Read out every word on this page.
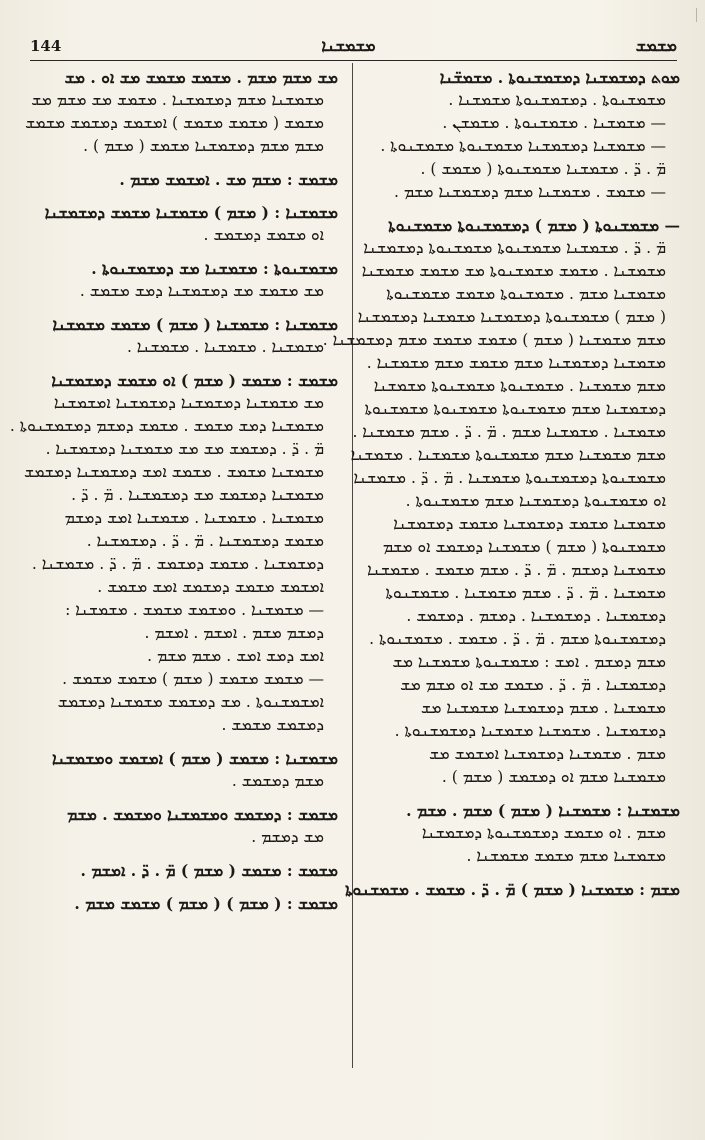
144	ܡܫܡܫܢܐ	ܡܫܡܫ
ܡܘܬ ܕܡܫܡܫܢܐ ܕܡܫܡܫܢܘܬܐ . ܡܫܡܫ̈ܢܐ
ܡܫܡܫܢܘܬܐ . ܕܡܫܡܫܢܘܬܐ ܡܫܡܫܢܐ .
— ܡܫܡܫܢܐ . ܡܫܡܫܢܘܬܐ . ܡܫܡܫܢ .
— ܡܫܡܫܢܐ ܕܡܫܡܫܢܐ ܡܫܡܫܢܘܬܐ ܡܫܡܫܢܘܬܐ .
ܡ̈ . ܕ̈ . ܡܫܡܫܢܐ ܡܫܡܫܢܘܬܐ ( ܡܫܡܫ ) .
— ܡܫܡܫ . ܡܫܡܫܢܐ ܡܫܡ ܕܡܫܡܫܢܐ ܡܫܡ .
— ܡܫܡܫܢܘܬܐ ( ܡܫܡ ) ܕܡܫܡܫܢܘܬܐ ܡܫܡܫܢܘܬܐ
ܡ̈ . ܕ̈ . ܡܫܡܫܢܐ ܡܫܡܫܢܘܬܐ ܡܫܡܫܢܘܬܐ ܕܡܫܡܫܢܐ
ܡܫܡܫܢܐ . ܡܫܡܫ ܡܫܡܫܢܘܬܐ ܡܫ ܡܫܡܫ ܡܫܡܫܢܐ
ܡܫܡܫܢܐ ܡܫܡ . ܡܫܡܫܢܘܬܐ ܡܫܡܫ ܡܫܡܫܢܘܬܐ
( ܡܫܡ ) ܡܫܡܫܢܘܬܐ ܕܡܫܡܫܢܐ ܡܫܡܫܢܐ ܕܡܫܡܫܢܐ
ܡܫܡ ܡܫܡܫܢܐ ( ܡܫܡ ) ܡܫܡܫ ܡܫܡܫ ܡܫܡ ܕܡܫܡܫܢܐ .
ܡܫܡܫܢܐ ܕܡܫܡܫܢܐ ܡܫܡ ܡܫܡܫ ܡܫܡ ܡܫܡܫܢܐ .
ܡܫܡ ܡܫܡܫܢܐ . ܡܫܡܫܢܘܬܐ ܡܫܡܫܢܘܬܐ ܡܫܡܫܢܐ
ܕܡܫܡܫܢܐ ܡܫܡ ܡܫܡܫܢܘܬܐ ܡܫܡܫܢܘܬܐ ܡܫܡܫܢܘܬܐ
ܡܫܡܫܢܐ . ܡܫܡܫܢܐ ܡܫܡ . ܡ̈ . ܕ̈ . ܡܫܡ ܡܫܡܫܢܐ .
ܡܫܡ ܡܫܡܫܢܐ ܡܫܡ ܡܫܡܫܢܘܬܐ ܡܫܡܫܢܐ . ܡܫܡܫܢܐ
ܡܫܡܫܢܘܬܐ ܕܡܫܡܫܢܘܬܐ ܡܫܡܫܢܐ . ܡ̈ . ܕ̈ . ܡܫܡܫܢܐ
ܐܘ ܡܫܡܫܢܘܬܐ ܕܡܫܡܫܢܐ ܡܫܡ ܡܫܡܫܢܘܬܐ .
ܡܫܡܫܢܐ ܡܫܡܫ ܕܡܫܡܫܢܐ ܡܫܡܫ ܕܡܫܡܫܢܐ
ܡܫܡܫܢܘܬܐ ( ܡܫܡ ) ܡܫܡܫܢܐ ܕܡܫܡܫ ܐܘ ܡܫܡ
ܡܫܡܫܢܐ ܕܡܫܡ . ܡ̈ . ܕ̈ . ܡܫܡ ܡܫܡܫ . ܡܫܡܫܢܐ
ܡܫܡܫܢܐ . ܡ̈ . ܕ̈ . ܡܫܡ ܡܫܡܫܢܐ . ܡܫܡܫܢܘܬܐ
ܕܡܫܡܫܢܐ . ܕܡܫܡܫܢܐ . ܕܡܫܡ . ܕܡܫܡܫ .
ܕܡܫܡܫܢܘܬܐ ܡܫܡ . ܡ̈ . ܕ̈ . ܡܫܡܫ . ܡܫܡܫܢܘܬܐ .
ܡܫܡ ܕܡܫܡ . ܐܡܫ : ܡܫܡܫܢܘܬܐ ܡܫܡܫܢܐ ܡܫ
ܕܡܫܡܫܢܐ . ܡ̈ . ܕ̈ . ܡܫܡܫ ܡܫ ܐܘ ܡܫܡ ܡܫ
ܡܫܡܫܢܐ . ܡܫܡ ܕܡܫܡܫܢܐ ܡܫܡܫܢܐ ܡܫ
ܕܡܫܡܫܢܐ . ܡܫܡܫܢܐ ܡܫܡܫܢܐ ܕܡܫܡܫܢܘܬܐ .
ܡܫܡ . ܡܫܡܫܢܐ ܕܡܫܡܫܢܐ ܐܡܫܡܫ ܡܫ
ܡܫܡܫܢܐ ܡܫܡ ܐܘ ܕܡܫܡܫ ( ܡܫܡ ) .
ܡܫܡܫܢܐ : ܡܫܡܫܢܐ ( ܡܫܡ ) ܡܫܡ . ܡܫܡ .
ܡܫܡ . ܐܘ ܡܫܡܫ ܕܡܫܡܫܢܘܬܐ ܕܡܫܡܫܢܐ
ܡܫܡܫܢܐ ܡܫܡ ܡܫܡܫ ܡܫܡܫܢܐ .
ܡܫܡ : ܡܫܡܫܢܐ ( ܡܫܡ ) ܡ̈ . ܕ̈ . ܡܫܡܫ . ܡܫܡܫܢܘܬܐ
ܡܫ ܡܫܡ ܡܫܡ . ܡܫܡܫ ܡܫܡܫ ܡܫ ܐܘ . ܡܫ
ܡܫܡܫܢܐ ܡܫܡ ܕܡܫܡܫܢܐ . ܡܫܡܫ ܡܫ ܡܫܡ ܡܫ
ܡܫܡܫ ( ܡܫܡܫ ܡܫܡܫ ) ܐܡܫܡܫ ܕܡܫܡܫ ܡܫܡܫ
ܡܫܡ ܡܫܡ ܕܡܫܡܫܢܐ ܡܫܡܫ ( ܡܫܡ ) .
ܡܫܡܫ : ܡܫܡ ܡܫ . ܐܡܫܡܫ ܡܫܡ .
ܡܫܡܫܢܐ : ( ܡܫܡ ) ܡܫܡܫܢܐ ܡܫܡܫ ܕܡܫܡܫܢܐ
ܐܘ ܡܫܡܫ ܕܡܫܡܫ .
ܡܫܡܫܢܘܬܐ : ܡܫܡܫܢܐ ܡܫ ܕܡܫܡܫܢܘܬܐ .
ܡܫ ܡܫܡܫ ܡܫ ܕܡܫܡܫܢܐ ܕܡܫ ܡܫܡܫ .
ܡܫܡܫܢܐ : ܡܫܡܫܢܐ ( ܡܫܡ ) ܡܫܡܫ ܡܫܡܫܢܐ
ܡܫܡܫܢܐ . ܡܫܡܫܢܐ . ܡܫܡܫܢܐ .
ܡܫܡܫ : ܡܫܡܫ ( ܡܫܡ ) ܐܘ ܡܫܡܫ ܕܡܫܡܫܢܐ
ܡܫ ܡܫܡܫܢܐ ܕܡܫܡܫܢܐ ܕܡܫܡܫܢܐ ܐܡܫܡܫܢܐ
ܡܫܡܫܢܐ ܕܡܫ ܡܫܡܫ . ܡܫܡܫ ܕܡܫܡ ܕܡܫܡܫܢܘܬܐ .
ܡ̈ . ܕ̈ . ܕܡܫܡܫ ܡܫ ܡܫ ܡܫܡܫܢܐ ܕܡܫܡܫܢܐ .
ܡܫܡܫܢܐ ܡܫܡܫ . ܡܫܡܫ ܐܡܫ ܕܡܫܡܫܢܐ ܕܡܫܡܫ
ܡܫܡܫܢܐ ܕܡܫܡܫ ܡܫ ܕܡܫܡܫܢܐ . ܡ̈ . ܕ̈ .
ܡܫܡܫܢܐ . ܡܫܡܫܢܐ . ܡܫܡܫܢܐ ܐܡܫ ܕܡܫܡ
ܡܫܡܫ ܕܡܫܡܫܢܐ . ܡ̈ . ܕ̈ . ܕܡܫܡܫܢܐ .
ܕܡܫܡܫܢܐ . ܡܫܡܫ ܕܡܫܡܫ . ܡ̈ . ܕ̈ . ܡܫܡܫܢܐ .
ܐܡܫܡܫ ܡܫܡܫ ܕܡܫܡܫ ܐܡܫ ܡܫܡܫ .
— ܡܫܡܫܢܐ . ܘܡܫܡܫ ܡܫܡܫ . ܡܫܡܫܢܐ :
ܕܡܫܡ ܡܫܡ . ܐܡܫܡ . ܐܡܫܡ .
ܐܡܫ ܕܡܫ ܐܡܫ . ܡܫܡ ܡܫܡ .
— ܡܫܡܫ ܡܫܡܫ ( ܡܫܡ ) ܡܫܡܫ ܡܫܡܫ .
ܐܡܫܡܫܢܘܬܐ . ܡܫ ܕܡܫܡܫ ܡܫܡܫܢܐ ܕܡܫܡܫ
ܕܡܫܡܫ ܡܫܡܫ .
ܡܫܡܫܢܐ : ܡܫܡܫ ( ܡܫܡ ) ܐܡܫܡܫ ܘܡܫܡܫܢܐ
ܡܫܡ ܕܡܫܡܫ .
ܡܫܡܫ : ܕܡܫܡܫ ܘܡܫܡܫܢܐ ܘܡܫܡܫ . ܡܫܡ
ܡܫ ܕܡܫܡ .
ܡܫܡܫ : ܡܫܡܫ ( ܡܫܡ ) ܡ̈ . ܕ̈ . ܐܡܫܡ .
ܡܫܡܫ : ( ܡܫܡ ) ( ܡܫܡ ) ܡܫܡܫ ܡܫܡ .
